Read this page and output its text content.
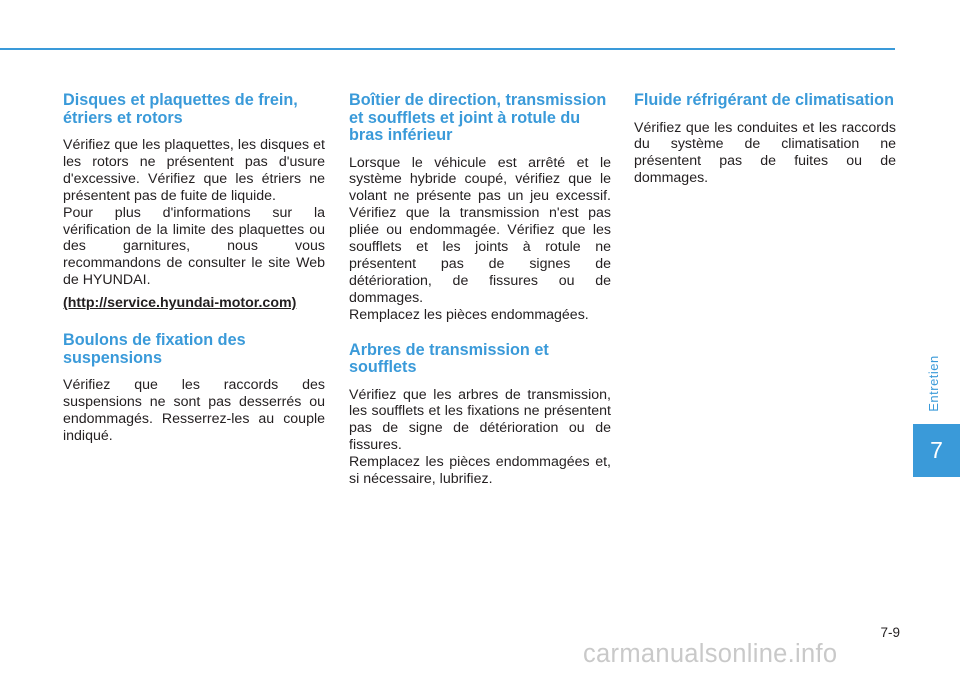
Disques et plaquettes de frein, étriers et rotors

Vérifiez que les plaquettes, les disques et les rotors ne présentent pas d'usure d'excessive. Vérifiez que les étriers ne présentent pas de fuite de liquide.

Pour plus d'informations sur la vérification de la limite des plaquettes ou des garnitures, nous vous recommandons de consulter le site Web de HYUNDAI.

(http://service.hyundai-motor.com)
Boulons de fixation des suspensions

Vérifiez que les raccords des suspensions ne sont pas desserrés ou endommagés. Resserrez-les au couple indiqué.

Boîtier de direction, transmission et soufflets et joint à rotule du bras inférieur

Lorsque le véhicule est arrêté et le système hybride coupé, vérifiez que le volant ne présente pas un jeu excessif. Vérifiez que la transmission n'est pas pliée ou endommagée. Vérifiez que les soufflets et les joints à rotule ne présentent pas de signes de détérioration, de fissures ou de dommages.

Remplacez les pièces endommagées.

Arbres de transmission et soufflets

Vérifiez que les arbres de transmission, les soufflets et les fixations ne présentent pas de signe de détérioration ou de fissures.

Remplacez les pièces endommagées et, si nécessaire, lubrifiez.

Fluide réfrigérant de climatisation

Vérifiez que les conduites et les raccords du système de climatisation ne présentent pas de fuites ou de dommages.

Entretien
7
7-9
carmanualsonline.info
